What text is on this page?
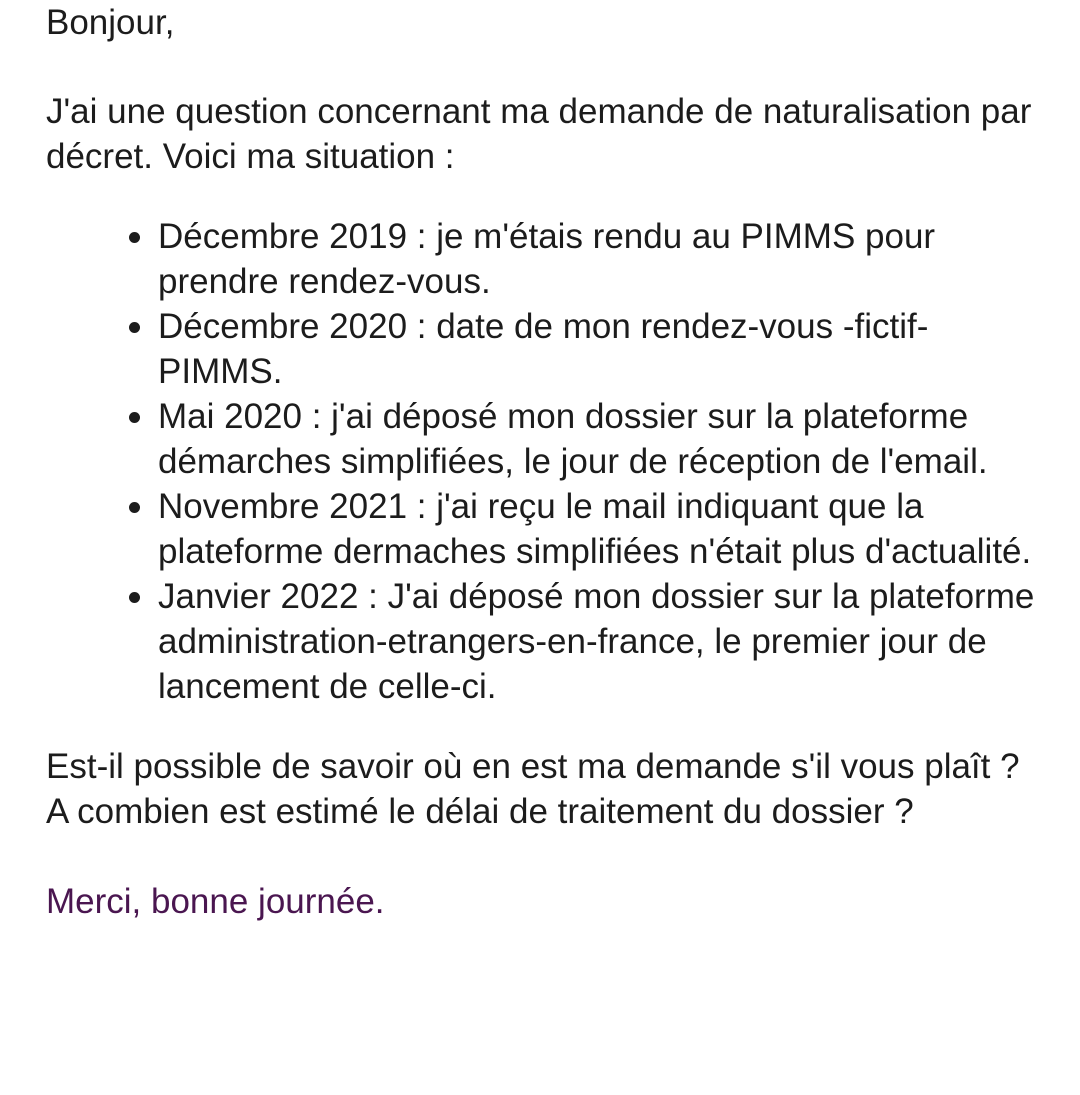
Bonjour,

J'ai une question concernant ma demande de naturalisation par décret. Voici ma situation :

Décembre 2019 : je m'étais rendu au PIMMS pour prendre rendez-vous.
Décembre 2020 : date de mon rendez-vous -fictif- PIMMS.
Mai 2020 : j'ai déposé mon dossier sur la plateforme démarches simplifiées, le jour de réception de l'email.
Novembre 2021 : j'ai reçu le mail indiquant que la plateforme dermaches simplifiées n'était plus d'actualité.
Janvier 2022 : J'ai déposé mon dossier sur la plateforme administration-etrangers-en-france, le premier jour de lancement de celle-ci.

Est-il possible de savoir où en est ma demande s'il vous plaît ? A combien est estimé le délai de traitement du dossier ?

Merci, bonne journée.
